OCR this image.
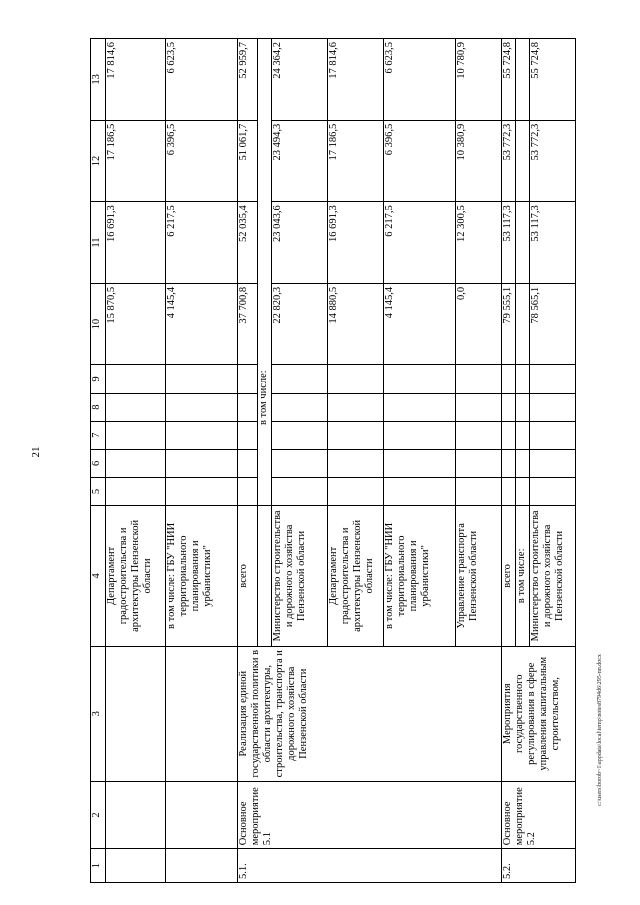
21
c:\users\borob~1\appdata\local\temp\notes8794d6\295-nn.docx
1	2	3	4	5	6	7	8	9	10	11	12	13
			Департамент градостроительства и архитектуры Пензенской области						15 870,5	16 691,3	17 186,5	17 814,6
			в том числе: ГБУ "НИИ территориального планирования и урбанистики"						4 145,4	6 217,5	6 396,5	6 623,5
5.1.	Основное мероприятие 5.1	Реализация единой государственной политики в области архитектуры, строительства, транспорта и дорожного хозяйства Пензенской области	всего						37 700,8	52 035,4	51 061,7	52 959,7
				в том числе:								
			Министерство строительства и дорожного хозяйства Пензенской области						22 820,3	23 043,6	23 494,3	24 364,2
			Департамент градостроительства и архитектуры Пензенской области						14 880,5	16 691,3	17 186,5	17 814,6
			в том числе: ГБУ "НИИ территориального планирования и урбанистики"						4 145,4	6 217,5	6 396,5	6 623,5
			Управление транспорта Пензенской области						0,0	12 300,5	10 380,9	10 780,9
5.2.	Основное мероприятие 5.2	Мероприятия государственного регулирования в сфере управления капитальным строительством,	всего						79 555,1	53 117,3	53 772,3	55 724,8
			в том числе:									
			Министерство строительства и дорожного хозяйства Пензенской области						78 565,1	53 117,3	53 772,3	55 724,8
